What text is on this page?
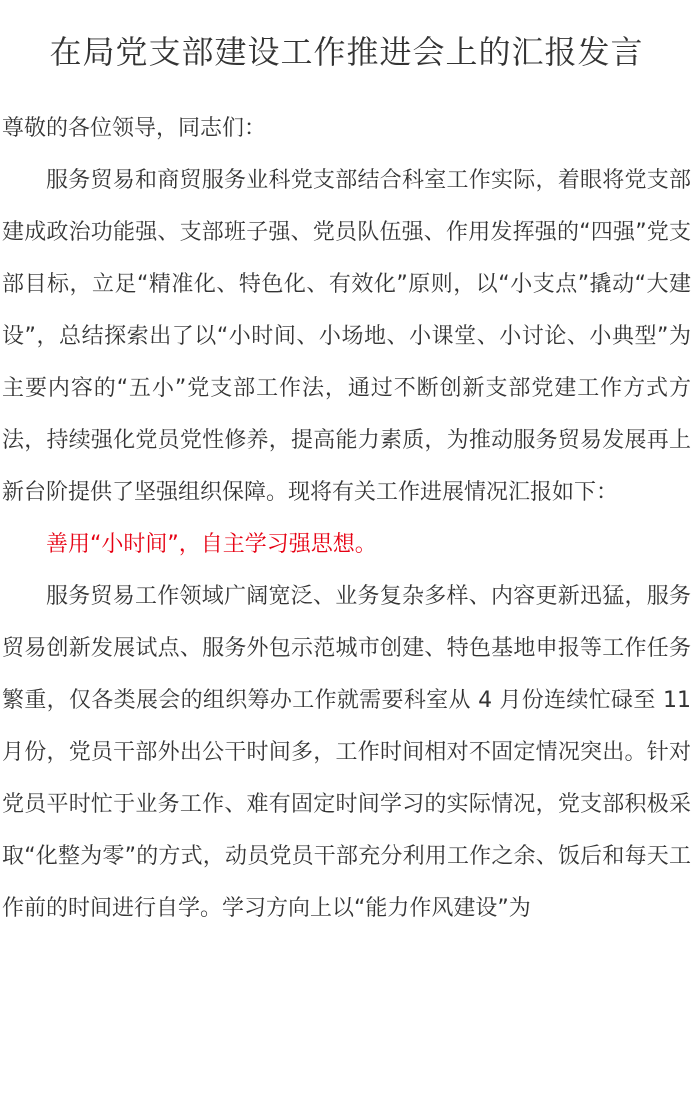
在局党支部建设工作推进会上的汇报发言

尊敬的各位领导，同志们：

服务贸易和商贸服务业科党支部结合科室工作实际，着眼将党支部建成政治功能强、支部班子强、党员队伍强、作用发挥强的“四强”党支部目标，立足“精准化、特色化、有效化”原则，以“小支点”撬动“大建设”，总结探索出了以“小时间、小场地、小课堂、小讨论、小典型”为主要内容的“五小”党支部工作法，通过不断创新支部党建工作方式方法，持续强化党员党性修养，提高能力素质，为推动服务贸易发展再上新台阶提供了坚强组织保障。现将有关工作进展情况汇报如下：

善用“小时间”，自主学习强思想。

服务贸易工作领域广阔宽泛、业务复杂多样、内容更新迅猛，服务贸易创新发展试点、服务外包示范城市创建、特色基地申报等工作任务繁重，仅各类展会的组织筹办工作就需要科室从 4 月份连续忙碌至 11 月份，党员干部外出公干时间多，工作时间相对不固定情况突出。针对党员平时忙于业务工作、难有固定时间学习的实际情况，党支部积极采取“化整为零”的方式，动员党员干部充分利用工作之余、饭后和每天工作前的时间进行自学。学习方向上以“能力作风建设”为
